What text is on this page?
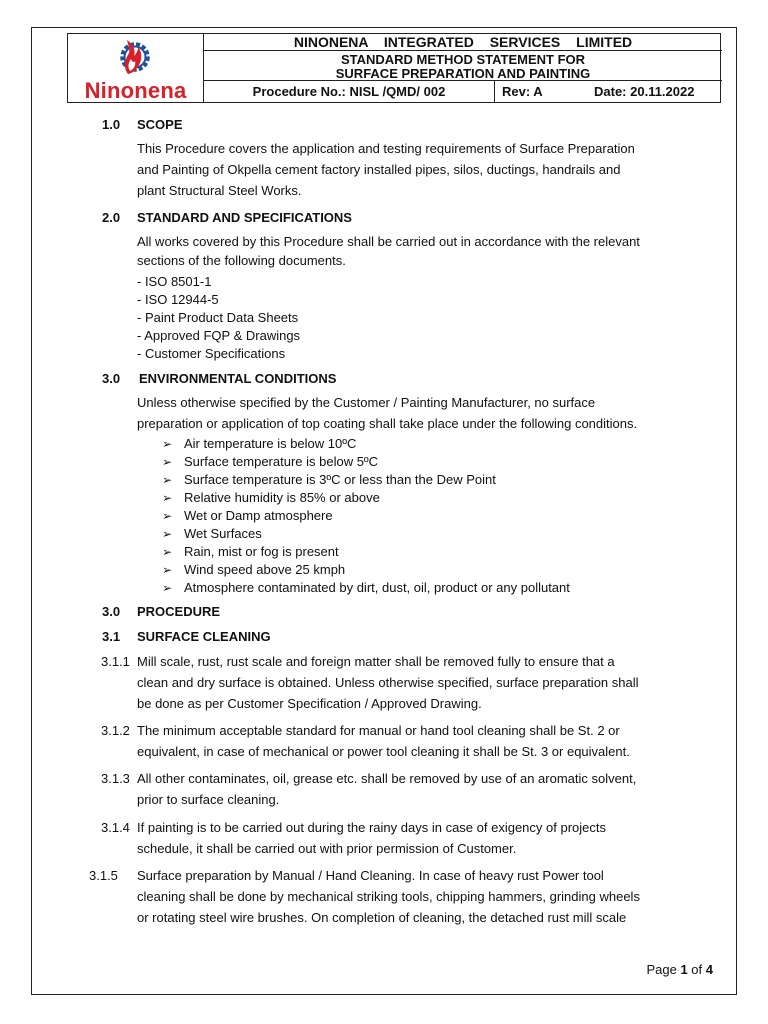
Ninonena
NINONENA INTEGRATED SERVICES LIMITED
STANDARD METHOD STATEMENT FOR
SURFACE PREPARATION AND PAINTING
Procedure No.: NISL /QMD/ 002	Rev: A	Date: 20.11.2022
1.0 SCOPE
This Procedure covers the application and testing requirements of Surface Preparation
and Painting of Okpella cement factory installed pipes, silos, ductings, handrails and
plant Structural Steel Works.
2.0 STANDARD AND SPECIFICATIONS
All works covered by this Procedure shall be carried out in accordance with the relevant
sections of the following documents.
- ISO 8501-1
- ISO 12944-5
- Paint Product Data Sheets
- Approved FQP & Drawings
- Customer Specifications
3.0 ENVIRONMENTAL CONDITIONS
Unless otherwise specified by the Customer / Painting Manufacturer, no surface
preparation or application of top coating shall take place under the following conditions.
➢ Air temperature is below 10ºC
➢ Surface temperature is below 5ºC
➢ Surface temperature is 3ºC or less than the Dew Point
➢ Relative humidity is 85% or above
➢ Wet or Damp atmosphere
➢ Wet Surfaces
➢ Rain, mist or fog is present
➢ Wind speed above 25 kmph
➢ Atmosphere contaminated by dirt, dust, oil, product or any pollutant
3.0 PROCEDURE
3.1 SURFACE CLEANING
3.1.1 Mill scale, rust, rust scale and foreign matter shall be removed fully to ensure that a
clean and dry surface is obtained. Unless otherwise specified, surface preparation shall
be done as per Customer Specification / Approved Drawing.
3.1.2 The minimum acceptable standard for manual or hand tool cleaning shall be St. 2 or
equivalent, in case of mechanical or power tool cleaning it shall be St. 3 or equivalent.
3.1.3 All other contaminates, oil, grease etc. shall be removed by use of an aromatic solvent,
prior to surface cleaning.
3.1.4 If painting is to be carried out during the rainy days in case of exigency of projects
schedule, it shall be carried out with prior permission of Customer.
3.1.5 Surface preparation by Manual / Hand Cleaning. In case of heavy rust Power tool
cleaning shall be done by mechanical striking tools, chipping hammers, grinding wheels
or rotating steel wire brushes. On completion of cleaning, the detached rust mill scale
Page 1 of 4
